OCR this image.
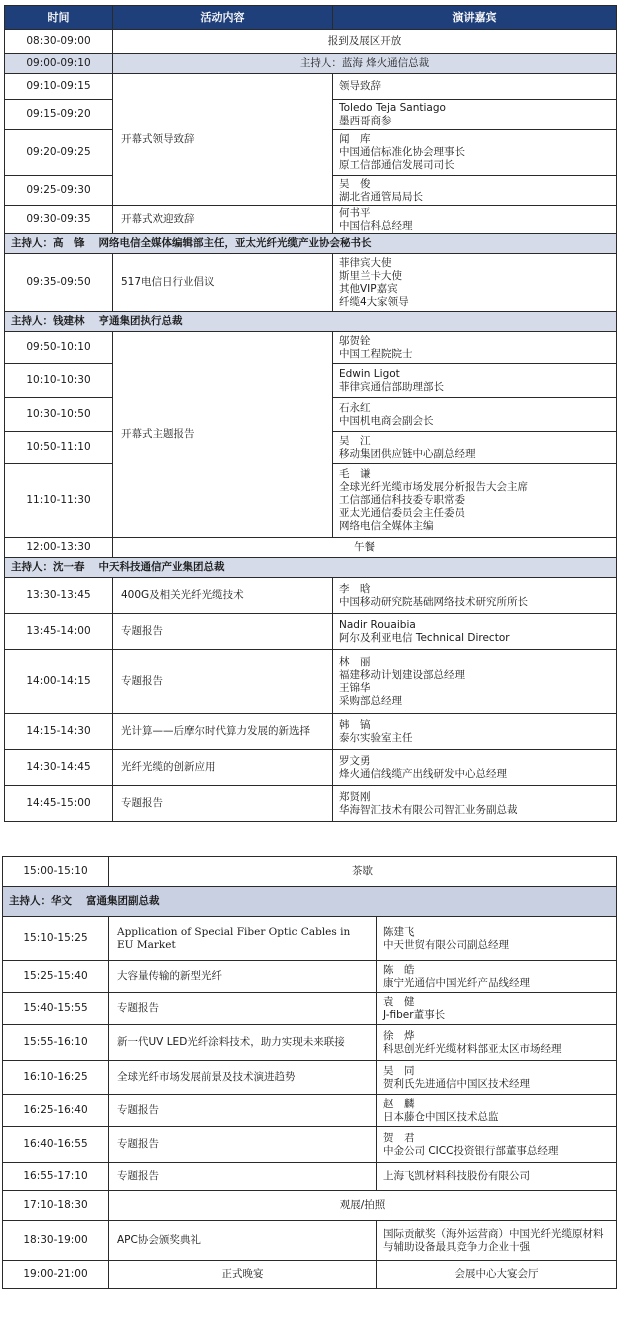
时间	活动内容	演讲嘉宾
08:30-09:00	报到及展区开放	
09:00-09:10	主持人：蓝海 烽火通信总裁	
09:10-09:15	开幕式领导致辞	领导致辞

09:15-09:20		Toledo Teja Santiago
墨西哥商参

09:20-09:25		闻　库
中国通信标准化协会理事长
原工信部通信发展司司长

09:25-09:30		吴　俊
湖北省通管局局长

09:30-09:35	开幕式欢迎致辞	何书平
中国信科总经理

主持人：高　锋 网络电信全媒体编辑部主任，亚太光纤光缆产业协会秘书长		
09:35-09:50	517电信日行业倡议	菲律宾大使
斯里兰卡大使
其他VIP嘉宾
纤缆4大家领导
主持人：钱建林 亨通集团执行总裁		
09:50-10:10	开幕式主题报告	邬贺铨
中国工程院院士

10:10-10:30		Edwin Ligot
菲律宾通信部助理部长

10:30-10:50		石永红
中国机电商会副会长

10:50-11:10		吴　江
移动集团供应链中心副总经理

11:10-11:30		毛　谦
全球光纤光缆市场发展分析报告大会主席
工信部通信科技委专职常委
亚太光通信委员会主任委员
网络电信全媒体主编

12:00-13:30	午餐	
主持人：沈一春 中天科技通信产业集团总裁		
13:30-13:45	400G及相关光纤光缆技术	李　晗
中国移动研究院基础网络技术研究所所长
13:45-14:00	专题报告	Nadir Rouaibia
阿尔及利亚电信 Technical Director
14:00-14:15	专题报告	林　丽
福建移动计划建设部总经理
王锦华
采购部总经理
14:15-14:30	光计算——后摩尔时代算力发展的新选择	韩　镐
泰尔实验室主任
14:30-14:45	光纤光缆的创新应用	罗文勇
烽火通信线缆产出线研发中心总经理
14:45-15:00	专题报告	郑贤刚
华海智汇技术有限公司智汇业务副总裁
15:00-15:10	茶歇	
主持人：华文 富通集团副总裁		
15:10-15:25	Application of Special Fiber Optic Cables in EU Market	陈建飞
中天世贸有限公司副总经理
15:25-15:40	大容量传输的新型光纤	陈　皓
康宁光通信中国光纤产品线经理
15:40-15:55	专题报告	袁　健
J-fiber董事长
15:55-16:10	新一代UV LED光纤涂料技术，助力实现未来联接	徐　烨
科思创光纤光缆材料部亚太区市场经理
16:10-16:25	全球光纤市场发展前景及技术演进趋势	吴　同
贺利氏先进通信中国区技术经理
16:25-16:40	专题报告	赵　麟
日本藤仓中国区技术总监
16:40-16:55	专题报告	贺　君
中金公司 CICC投资银行部董事总经理
16:55-17:10	专题报告	上海飞凯材料科技股份有限公司
17:10-18:30	观展/拍照	
18:30-19:00	APC协会颁奖典礼	国际贡献奖（海外运营商）中国光纤光缆原材料与辅助设备最具竞争力企业十强
19:00-21:00	正式晚宴	会展中心大宴会厅
